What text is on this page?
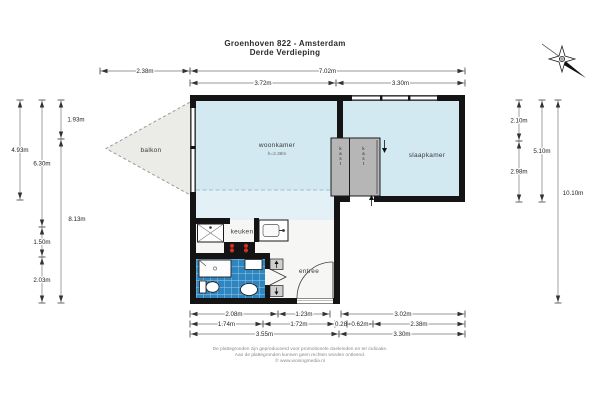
Groenhoven 822 - Amsterdam
Derde Verdieping
balkon	k a s t
k a s t
woonkamer
h=2.38m	slaapkamer
keuken
entree
2.38m	7.02m
3.72m	3.30m
4.93m
6.30m
1.50m
2.03m
1.93m
8.13m
2.10m
2.98m
5.10m
10.10m
2.08m	1.23m	3.02m
1.74m	1.72m	0.28 0.62m	2.38m
3.55m	3.30m
De plattegronden zijn geproduceerd voor promotionele doeleinden en ter indicatie.
Aan de plattegronden kunnen geen rechten worden ontleend.
© www.woningmedia.nl
